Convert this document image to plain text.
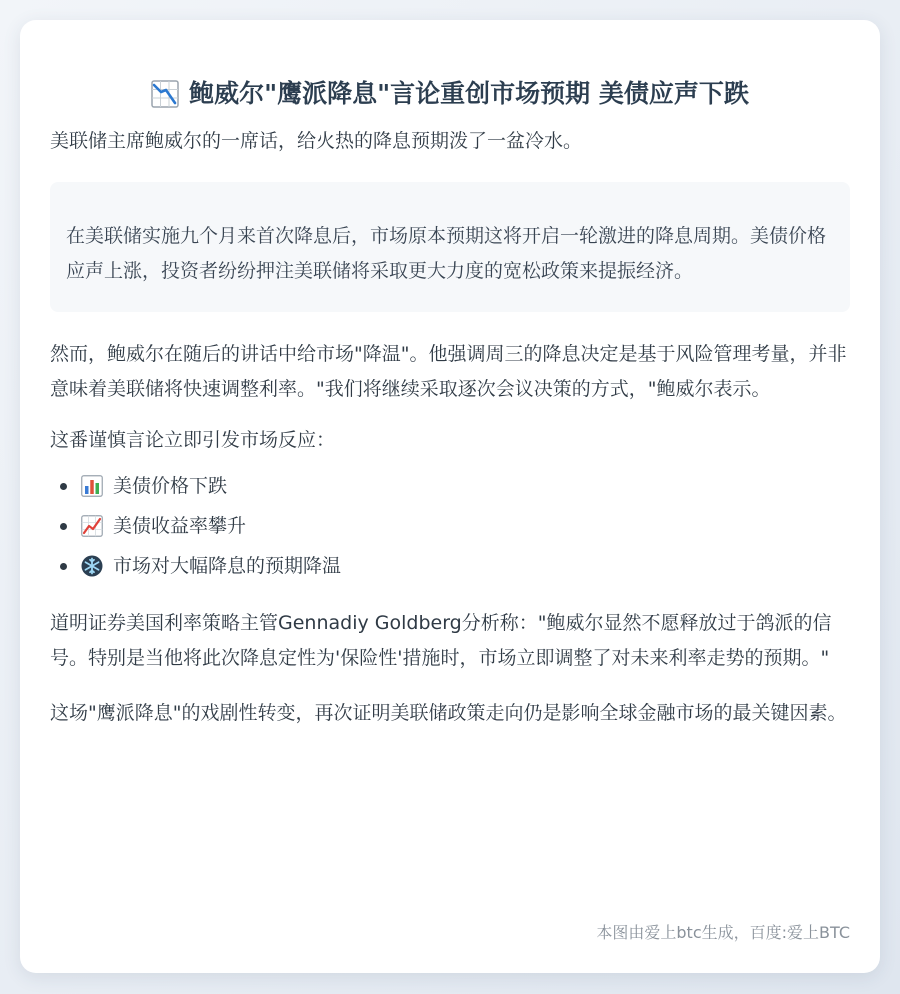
鲍威尔"鹰派降息"言论重创市场预期 美债应声下跌

美联储主席鲍威尔的一席话，给火热的降息预期泼了一盆冷水。

在美联储实施九个月来首次降息后，市场原本预期这将开启一轮激进的降息周期。美债价格应声上涨，投资者纷纷押注美联储将采取更大力度的宽松政策来提振经济。

然而，鲍威尔在随后的讲话中给市场"降温"。他强调周三的降息决定是基于风险管理考量，并非意味着美联储将快速调整利率。"我们将继续采取逐次会议决策的方式，"鲍威尔表示。

这番谨慎言论立即引发市场反应：

美债价格下跌
美债收益率攀升
市场对大幅降息的预期降温

道明证券美国利率策略主管Gennadiy Goldberg分析称："鲍威尔显然不愿释放过于鸽派的信号。特别是当他将此次降息定性为'保险性'措施时，市场立即调整了对未来利率走势的预期。"

这场"鹰派降息"的戏剧性转变，再次证明美联储政策走向仍是影响全球金融市场的最关键因素。

本图由爱上btc生成，百度:爱上BTC
